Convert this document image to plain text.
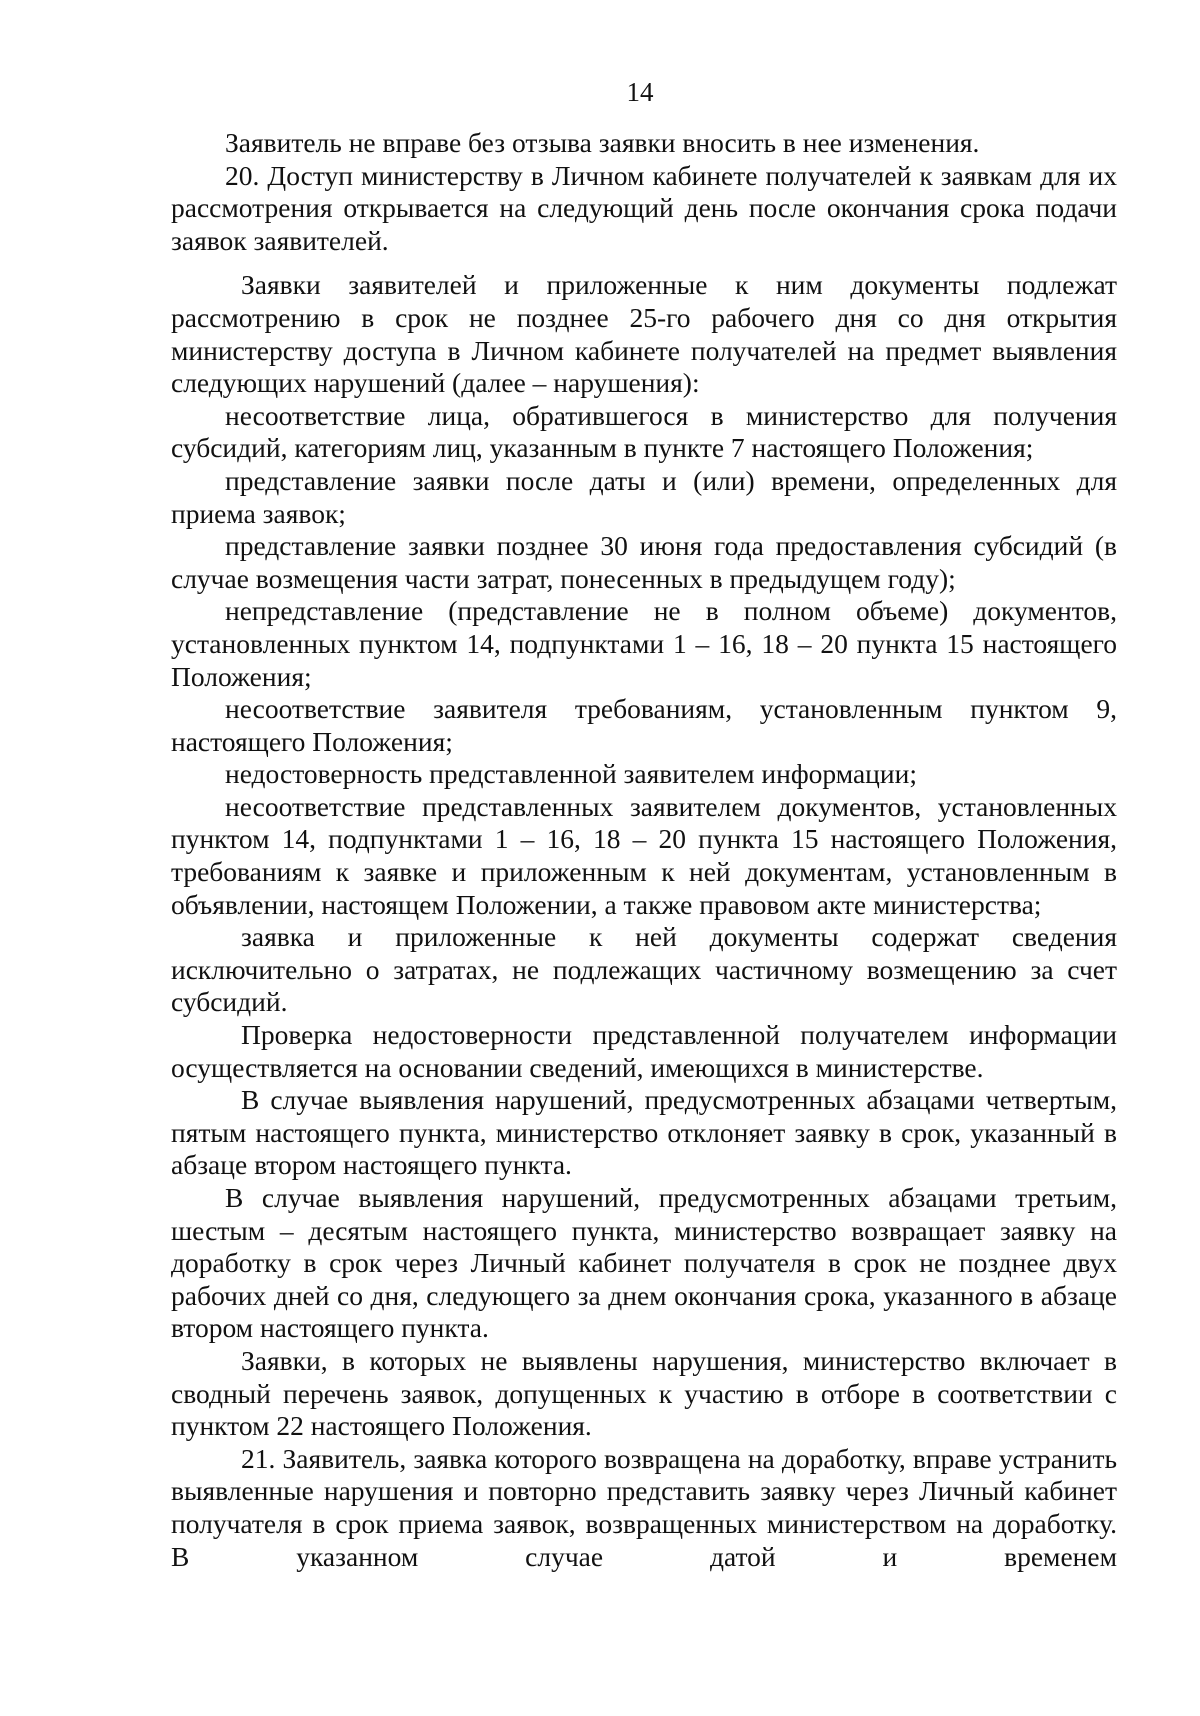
14

Заявитель не вправе без отзыва заявки вносить в нее изменения.

20. Доступ министерству в Личном кабинете получателей к заявкам для их рассмотрения открывается на следующий день после окончания срока подачи заявок заявителей.

Заявки заявителей и приложенные к ним документы подлежат рассмотрению в срок не позднее 25-го рабочего дня со дня открытия министерству доступа в Личном кабинете получателей на предмет выявления следующих нарушений (далее – нарушения):

несоответствие лица, обратившегося в министерство для получения субсидий, категориям лиц, указанным в пункте 7 настоящего Положения;

представление заявки после даты и (или) времени, определенных для приема заявок;

представление заявки позднее 30 июня года предоставления субсидий (в случае возмещения части затрат, понесенных в предыдущем году);

непредставление (представление не в полном объеме) документов, установленных пунктом 14, подпунктами 1 – 16, 18 – 20 пункта 15 настоящего Положения;

несоответствие заявителя требованиям, установленным пунктом 9, настоящего Положения;

недостоверность представленной заявителем информации;

несоответствие представленных заявителем документов, установленных пунктом 14, подпунктами 1 – 16, 18 – 20 пункта 15 настоящего Положения, требованиям к заявке и приложенным к ней документам, установленным в объявлении, настоящем Положении, а также правовом акте министерства;

заявка и приложенные к ней документы содержат сведения исключительно о затратах, не подлежащих частичному возмещению за счет субсидий.

Проверка недостоверности представленной получателем информации осуществляется на основании сведений, имеющихся в министерстве.

В случае выявления нарушений, предусмотренных абзацами четвертым, пятым настоящего пункта, министерство отклоняет заявку в срок, указанный в абзаце втором настоящего пункта.

В случае выявления нарушений, предусмотренных абзацами третьим, шестым – десятым настоящего пункта, министерство возвращает заявку на доработку в срок через Личный кабинет получателя в срок не позднее двух рабочих дней со дня, следующего за днем окончания срока, указанного в абзаце втором настоящего пункта.

Заявки, в которых не выявлены нарушения, министерство включает в сводный перечень заявок, допущенных к участию в отборе в соответствии с пунктом 22 настоящего Положения.

21. Заявитель, заявка которого возвращена на доработку, вправе устранить выявленные нарушения и повторно представить заявку через Личный кабинет получателя в срок приема заявок, возвращенных министерством на доработку. В указанном случае датой и временем
